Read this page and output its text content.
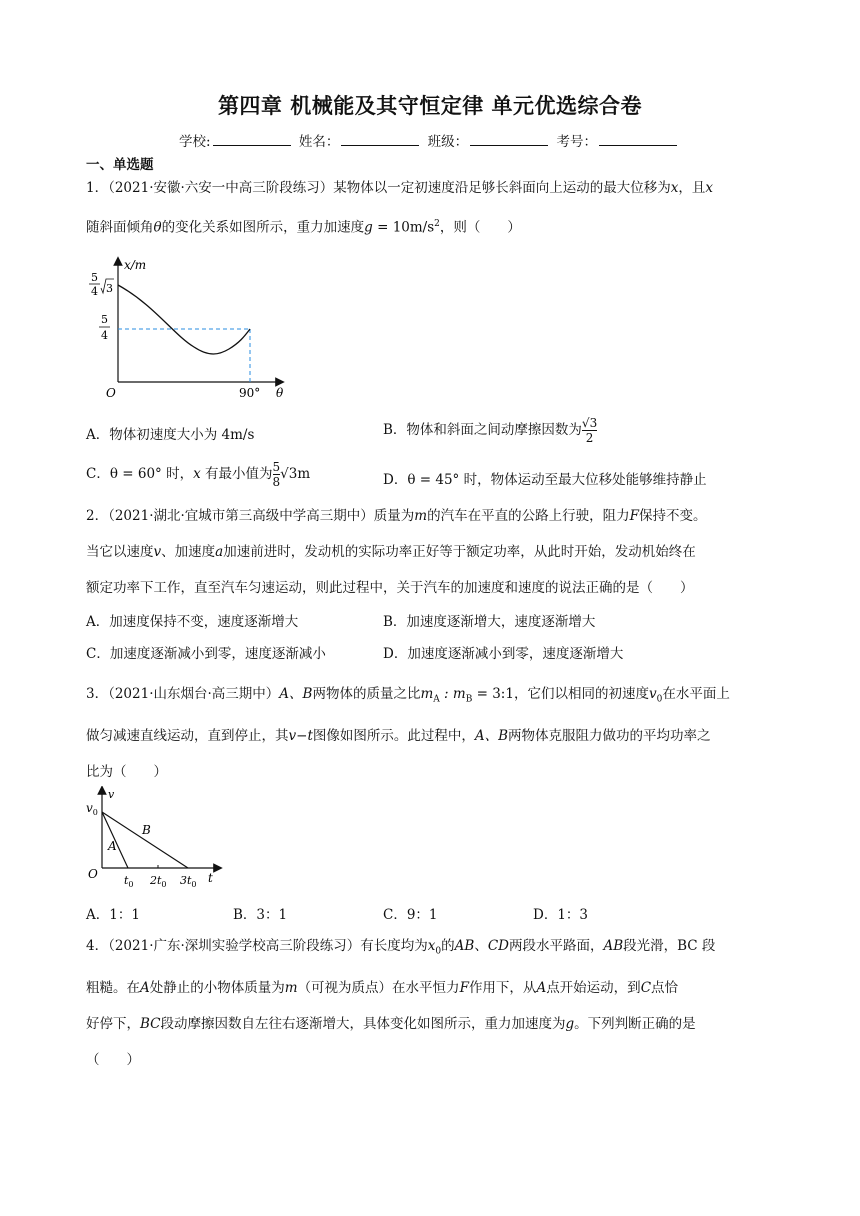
第四章 机械能及其守恒定律 单元优选综合卷
学校:	姓名：	班级：	考号：
一、单选题
1．（2021·安徽·六安一中高三阶段练习）某物体以一定初速度沿足够长斜面向上运动的最大位移为x，且x
随斜面倾角θ的变化关系如图所示，重力加速度$g = 10m/s^2$，则（　　）
x/m
5
4 3
5
4
O	90° θ
A．物体初速度大小为 4m/s	B．物体和斜面之间动摩擦因数为 $\frac{√3}{2}$
C．θ = 60° 时，x 有最小值为 $\frac{5}{8} √3m$	D．θ = 45° 时，物体运动至最大位移处能够维持静止
2．（2021·湖北·宜城市第三高级中学高三期中）质量为m的汽车在平直的公路上行驶，阻力F保持不变。
当它以速度v、加速度a加速前进时，发动机的实际功率正好等于额定功率，从此时开始，发动机始终在
额定功率下工作，直至汽车匀速运动，则此过程中，关于汽车的加速度和速度的说法正确的是（　　）
A．加速度保持不变，速度逐渐增大	B．加速度逐渐增大，速度逐渐增大
C．加速度逐渐减小到零，速度逐渐减小	D．加速度逐渐减小到零，速度逐渐增大
3．（2021·山东烟台·高三期中）A、B两物体的质量之比$m_A$ : $m_B$ = 3:1，它们以相同的初速度$v_0$在水平面上
做匀减速直线运动，直到停止，其v−t图像如图所示。此过程中，A、B两物体克服阻力做功的平均功率之
比为（　　）
v
$v_0$
A
B
O $t_0$ $2t_0$ $3t_0$ t
A．1：1	B．3：1	C．9：1	D．1：3
4．（2021·广东·深圳实验学校高三阶段练习）有长度均为$x_0$的AB、CD两段水平路面，AB段光滑，BC 段
粗糙。在A处静止的小物体质量为m（可视为质点）在水平恒力F作用下，从A点开始运动，到C点恰
好停下，BC段动摩擦因数自左往右逐渐增大，具体变化如图所示，重力加速度为g。下列判断正确的是
（　　）
